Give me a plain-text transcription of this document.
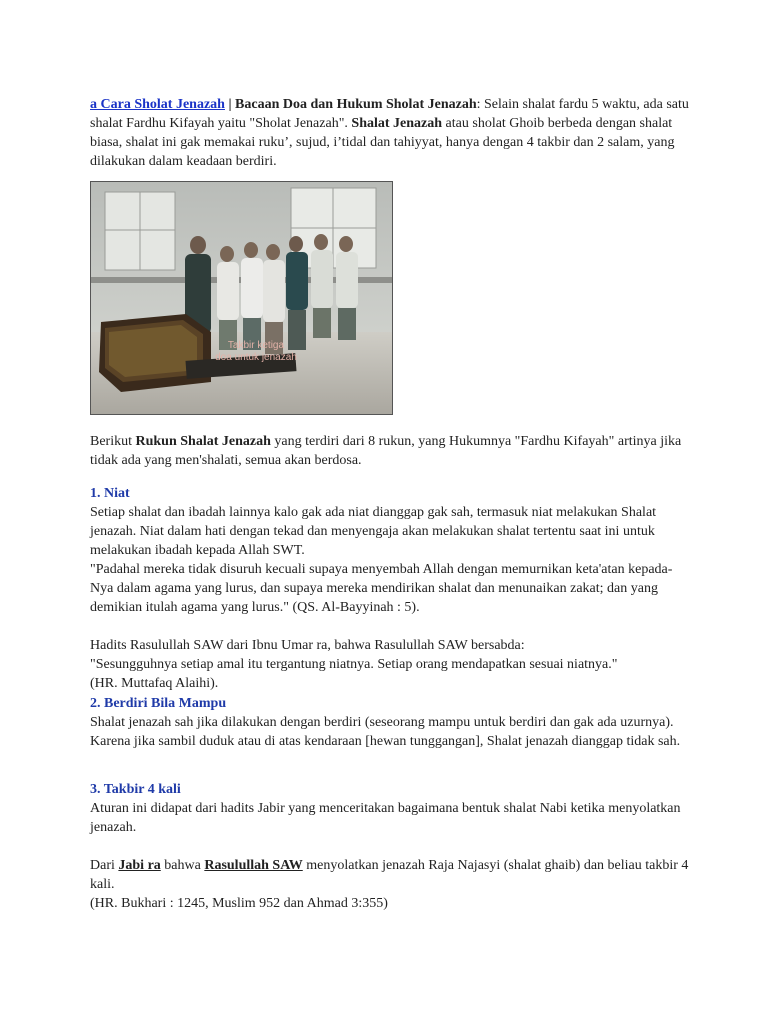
a Cara Sholat Jenazah | Bacaan Doa dan Hukum Sholat Jenazah: Selain shalat fardu 5 waktu, ada satu shalat Fardhu Kifayah yaitu "Sholat Jenazah". Shalat Jenazah atau sholat Ghoib berbeda dengan shalat biasa, shalat ini gak memakai ruku’, sujud, i’tidal dan tahiyyat, hanya dengan 4 takbir dan 2 salam, yang dilakukan dalam keadaan berdiri.
Takbir ketiga
doa untuk jenazah
Berikut Rukun Shalat Jenazah yang terdiri dari 8 rukun, yang Hukumnya "Fardhu Kifayah" artinya jika tidak ada yang men'shalati, semua akan berdosa.
1. Niat
Setiap shalat dan ibadah lainnya kalo gak ada niat dianggap gak sah, termasuk niat melakukan Shalat jenazah. Niat dalam hati dengan tekad dan menyengaja akan melakukan shalat tertentu saat ini untuk melakukan ibadah kepada Allah SWT.
"Padahal mereka tidak disuruh kecuali supaya menyembah Allah dengan memurnikan keta'atan kepada-Nya dalam agama yang lurus, dan supaya mereka mendirikan shalat dan menunaikan zakat; dan yang demikian itulah agama yang lurus." (QS. Al-Bayyinah : 5).
Hadits Rasulullah SAW dari Ibnu Umar ra, bahwa Rasulullah SAW bersabda:
"Sesungguhnya setiap amal itu tergantung niatnya. Setiap orang mendapatkan sesuai niatnya."
(HR. Muttafaq Alaihi).
2. Berdiri Bila Mampu
Shalat jenazah sah jika dilakukan dengan berdiri (seseorang mampu untuk berdiri dan gak ada uzurnya). Karena jika sambil duduk atau di atas kendaraan [hewan tunggangan], Shalat jenazah dianggap tidak sah.
3. Takbir 4 kali
Aturan ini didapat dari hadits Jabir yang menceritakan bagaimana bentuk shalat Nabi ketika menyolatkan jenazah.
Dari Jabi ra bahwa Rasulullah SAW menyolatkan jenazah Raja Najasyi (shalat ghaib) dan beliau takbir 4 kali.
(HR. Bukhari : 1245, Muslim 952 dan Ahmad 3:355)
